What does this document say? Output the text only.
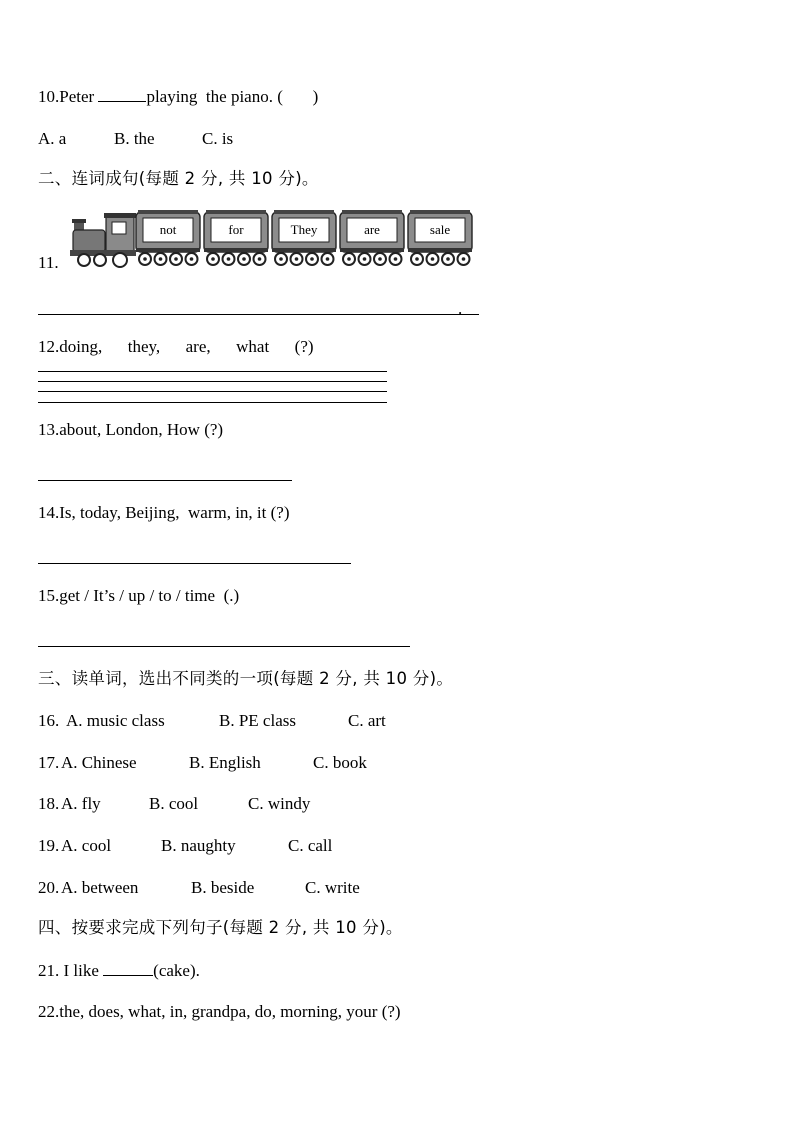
10.Peter	playing  the piano. (       )
A. a	B. the	C. is
二、连词成句(每题 2 分, 共 10 分)。
11.
not	for	They	are	sale
.
12.doing,      they,      are,      what      (?)
13.about, London, How (?)
14.Is, today, Beijing,  warm, in, it (?)
15.get / It’s / up / to / time  (.)
三、读单词，选出不同类的一项(每题 2 分, 共 10 分)。
16. A. music class	B. PE class	C. art
17. A. Chinese	B. English	C. book
18. A. fly	B. cool	C. windy
19. A. cool	B. naughty	C. call
20. A. between	B. beside	C. write
四、按要求完成下列句子(每题 2 分, 共 10 分)。
21. I like	(cake).
22.the, does, what, in, grandpa, do, morning, your (?)
